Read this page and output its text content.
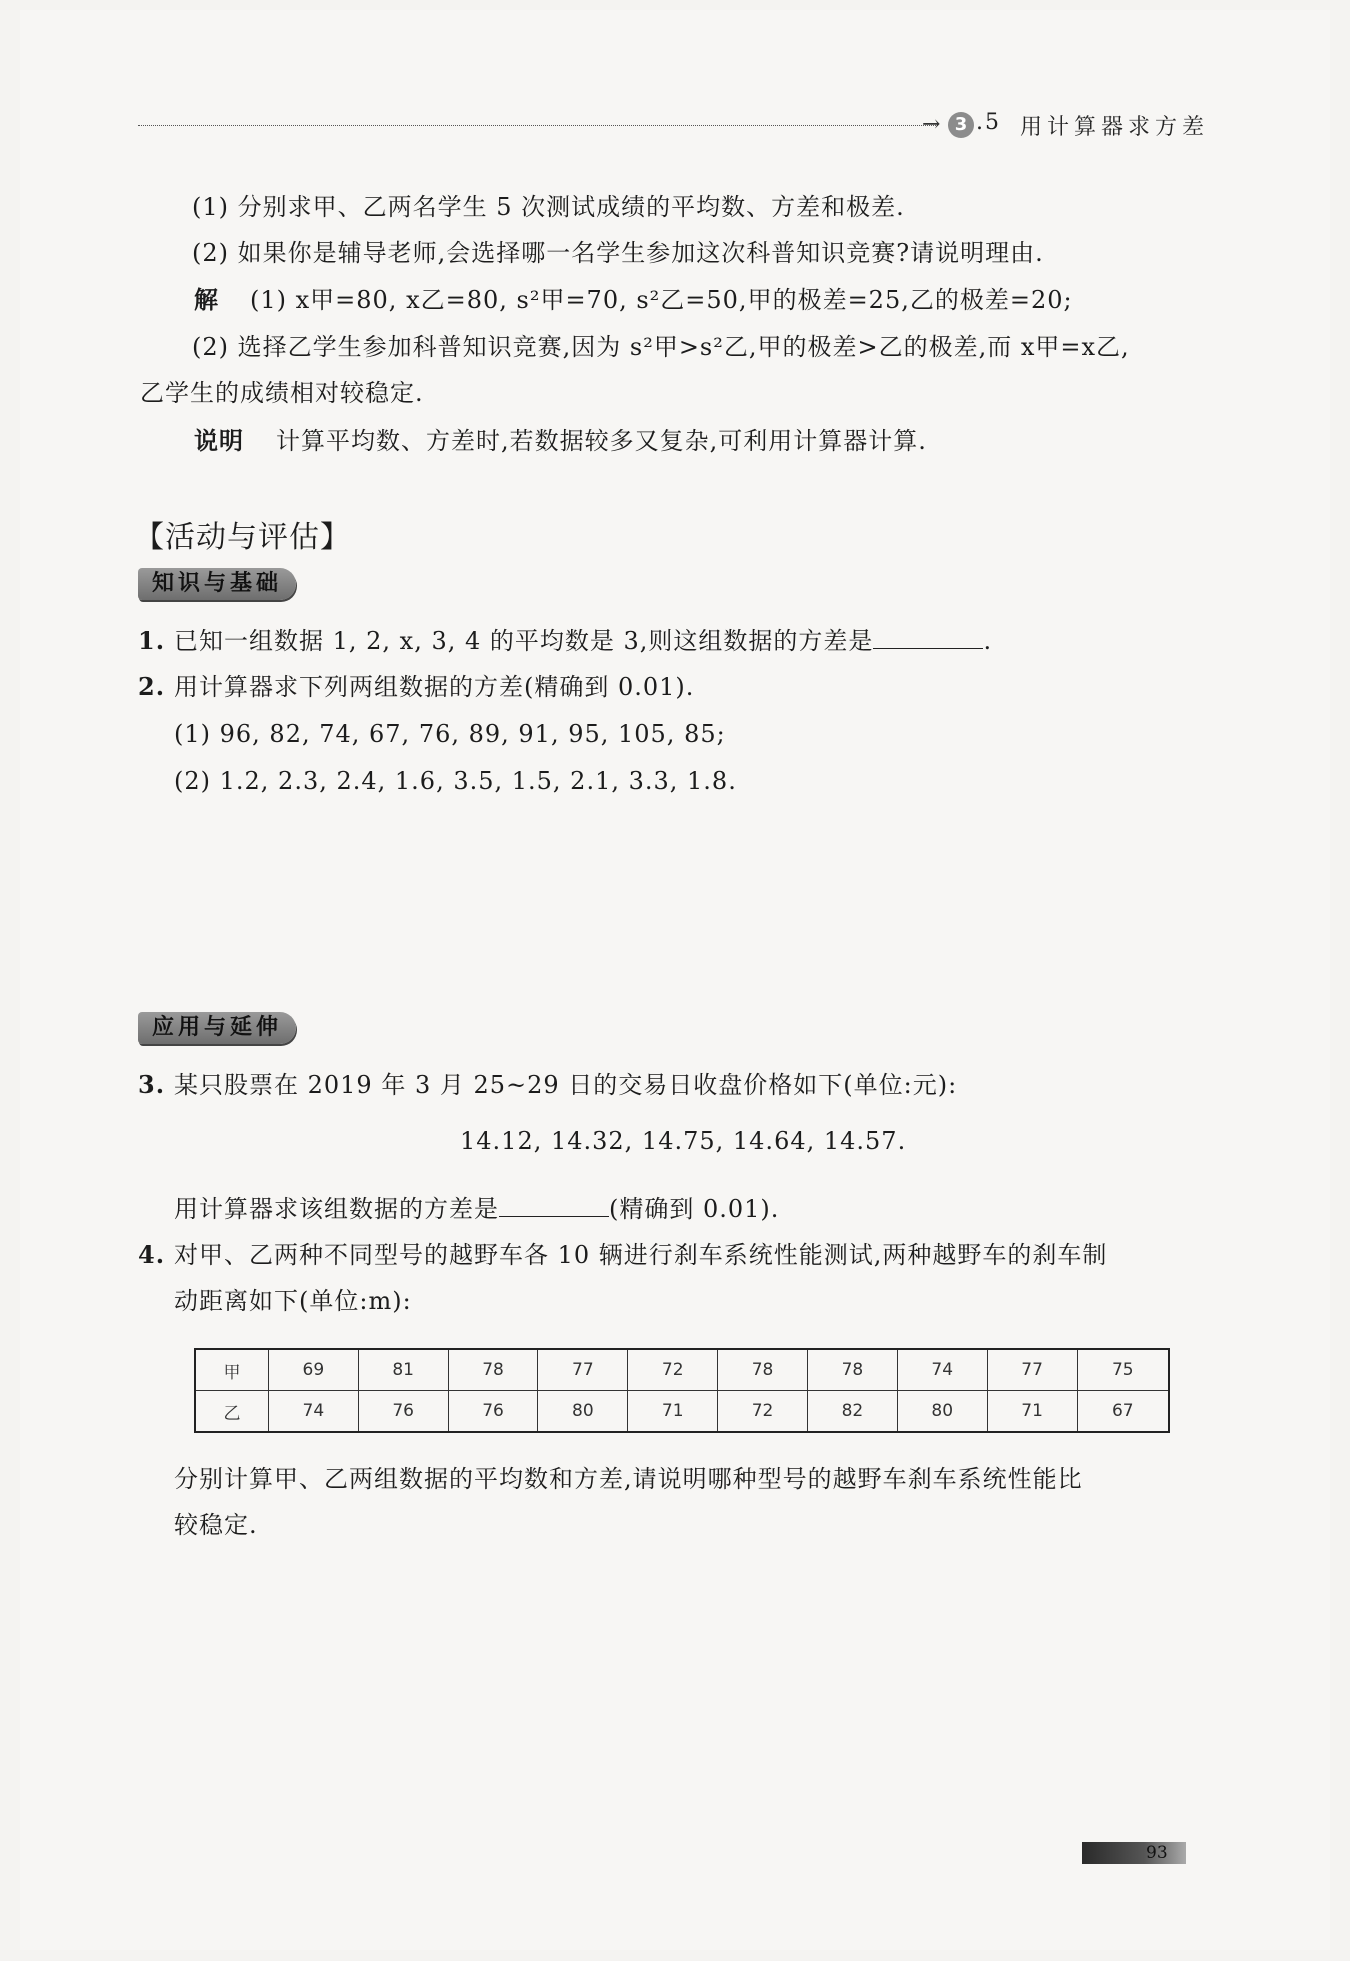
→ 3 .5 用计算器求方差
(1) 分别求甲、乙两名学生 5 次测试成绩的平均数、方差和极差.
(2) 如果你是辅导老师,会选择哪一名学生参加这次科普知识竞赛?请说明理由.
解 (1) x甲=80, x乙=80, s²甲=70, s²乙=50,甲的极差=25,乙的极差=20;
(2) 选择乙学生参加科普知识竞赛,因为 s²甲>s²乙,甲的极差>乙的极差,而 x甲=x乙,
乙学生的成绩相对较稳定.
说明 计算平均数、方差时,若数据较多又复杂,可利用计算器计算.
【活动与评估】
知识与基础
1. 已知一组数据 1, 2, x, 3, 4 的平均数是 3,则这组数据的方差是	.
2. 用计算器求下列两组数据的方差(精确到 0.01).
(1) 96, 82, 74, 67, 76, 89, 91, 95, 105, 85;
(2) 1.2, 2.3, 2.4, 1.6, 3.5, 1.5, 2.1, 3.3, 1.8.
应用与延伸
3. 某只股票在 2019 年 3 月 25~29 日的交易日收盘价格如下(单位:元):
14.12, 14.32, 14.75, 14.64, 14.57.
用计算器求该组数据的方差是	(精确到 0.01).
4. 对甲、乙两种不同型号的越野车各 10 辆进行刹车系统性能测试,两种越野车的刹车制
动距离如下(单位:m):
甲	69	81	78	77	72	78	78	74	77	75
乙	74	76	76	80	71	72	82	80	71	67
分别计算甲、乙两组数据的平均数和方差,请说明哪种型号的越野车刹车系统性能比
较稳定.
93
